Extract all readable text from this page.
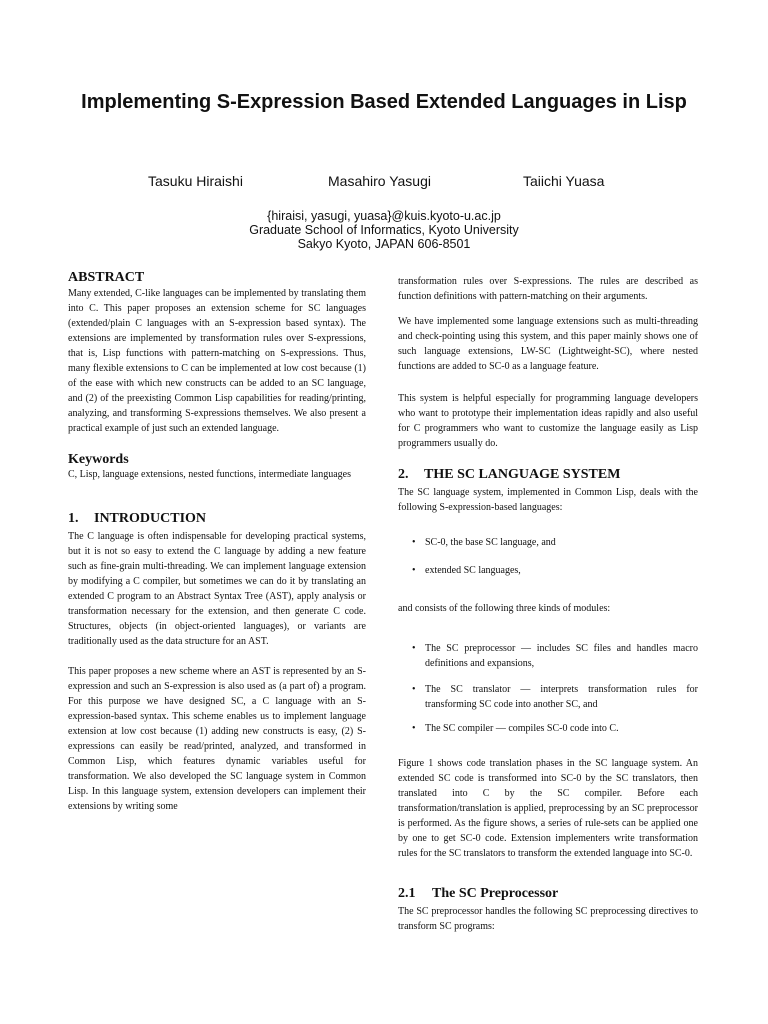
Implementing S-Expression Based Extended Languages in Lisp
Tasuku Hiraishi	Masahiro Yasugi	Taiichi Yuasa
{hiraisi, yasugi, yuasa}@kuis.kyoto-u.ac.jp
Graduate School of Informatics, Kyoto University
Sakyo Kyoto, JAPAN 606-8501
ABSTRACT

Many extended, C-like languages can be implemented by translating them into C. This paper proposes an extension scheme for SC languages (extended/plain C languages with an S-expression based syntax). The extensions are implemented by transformation rules over S-expressions, that is, Lisp functions with pattern-matching on S-expressions. Thus, many flexible extensions to C can be implemented at low cost because (1) of the ease with which new constructs can be added to an SC language, and (2) of the preexisting Common Lisp capabilities for reading/printing, analyzing, and transforming S-expressions themselves. We also present a practical example of just such an extended language.

Keywords

C, Lisp, language extensions, nested functions, intermediate languages

1. INTRODUCTION

The C language is often indispensable for developing practical systems, but it is not so easy to extend the C language by adding a new feature such as fine-grain multi-threading. We can implement language extension by modifying a C compiler, but sometimes we can do it by translating an extended C program to an Abstract Syntax Tree (AST), apply analysis or transformation necessary for the extension, and then generate C code. Structures, objects (in object-oriented languages), or variants are traditionally used as the data structure for an AST.

This paper proposes a new scheme where an AST is represented by an S-expression and such an S-expression is also used as (a part of) a program. For this purpose we have designed SC, a C language with an S-expression-based syntax. This scheme enables us to implement language extension at low cost because (1) adding new constructs is easy, (2) S-expressions can easily be read/printed, analyzed, and transformed in Common Lisp, which features dynamic variables useful for transformation. We also developed the SC language system in Common Lisp. In this language system, extension developers can implement their extensions by writing some

transformation rules over S-expressions. The rules are described as function definitions with pattern-matching on their arguments.

We have implemented some language extensions such as multi-threading and check-pointing using this system, and this paper mainly shows one of such language extensions, LW-SC (Lightweight-SC), where nested functions are added to SC-0 as a language feature.

This system is helpful especially for programming language developers who want to prototype their implementation ideas rapidly and also useful for C programmers who want to customize the language easily as Lisp programmers usually do.

2. THE SC LANGUAGE SYSTEM

The SC language system, implemented in Common Lisp, deals with the following S-expression-based languages:

• SC-0, the base SC language, and
• extended SC languages,

and consists of the following three kinds of modules:

• The SC preprocessor — includes SC files and handles macro definitions and expansions,
• The SC translator — interprets transformation rules for transforming SC code into another SC, and
• The SC compiler — compiles SC-0 code into C.

Figure 1 shows code translation phases in the SC language system. An extended SC code is transformed into SC-0 by the SC translators, then translated into C by the SC compiler. Before each transformation/translation is applied, preprocessing by an SC preprocessor is performed. As the figure shows, a series of rule-sets can be applied one by one to get SC-0 code. Extension implementers write transformation rules for the SC translators to transform the extended language into SC-0.

2.1 The SC Preprocessor

The SC preprocessor handles the following SC preprocessing directives to transform SC programs:
